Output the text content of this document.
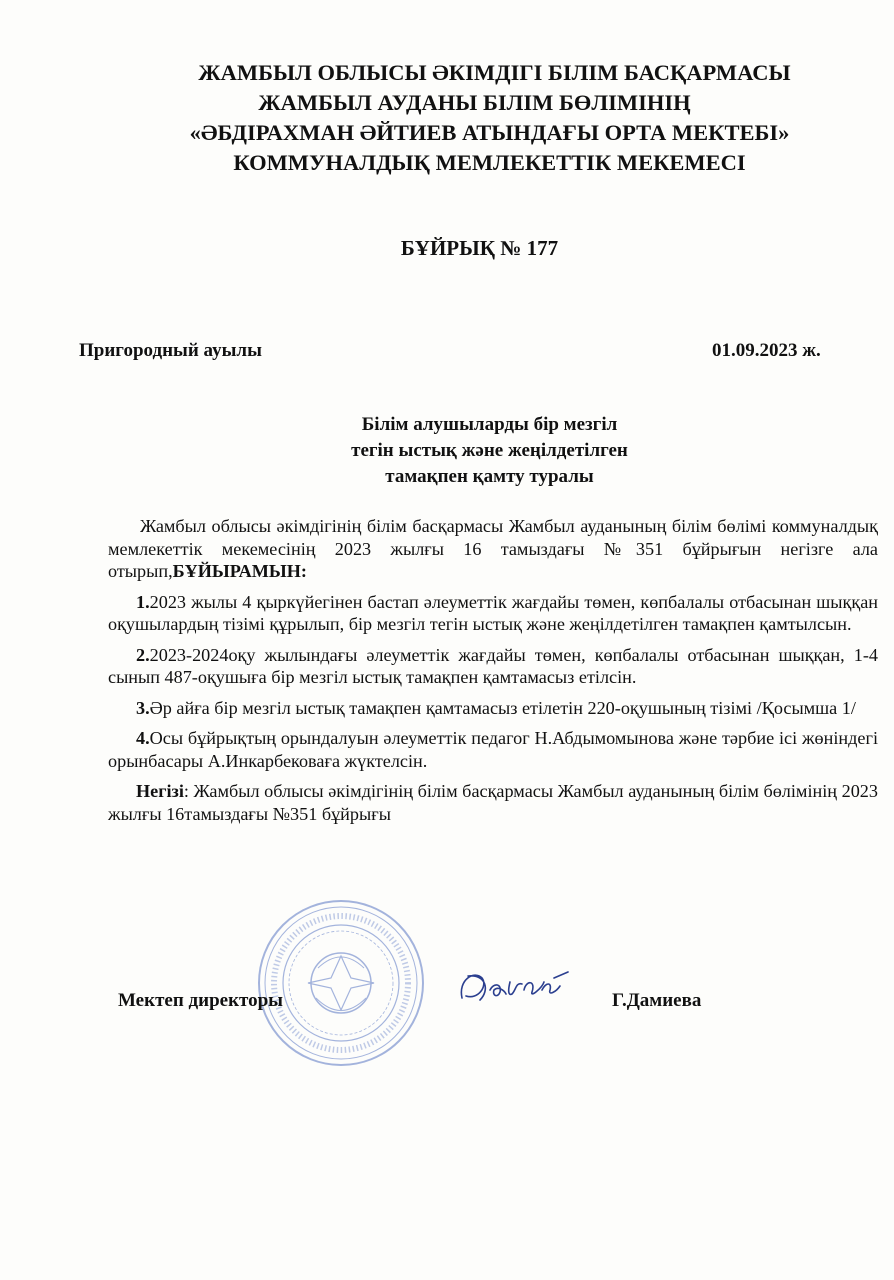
ЖАМБЫЛ ОБЛЫСЫ ӘКІМДІГІ БІЛІМ БАСҚАРМАСЫ
ЖАМБЫЛ АУДАНЫ БІЛІМ БӨЛІМІНІҢ
«ӘБДІРАХМАН ӘЙТИЕВ АТЫНДАҒЫ ОРТА МЕКТЕБІ»
КОММУНАЛДЫҚ МЕМЛЕКЕТТІК МЕКЕМЕСІ
БҰЙРЫҚ № 177
Пригородный ауылы	01.09.2023 ж.
Білім алушыларды бір мезгіл
тегін ыстық және жеңілдетілген
тамақпен қамту туралы

Жамбыл облысы әкімдігінің білім басқармасы Жамбыл ауданының білім бөлімі коммуналдық мемлекеттік мекемесінің 2023 жылғы 16 тамыздағы №351 бұйрығын негізге ала отырып,БҰЙЫРАМЫН:

1.2023 жылы 4 қыркүйегінен бастап әлеуметтік жағдайы төмен, көпбалалы отбасынан шыққан оқушылардың тізімі құрылып, бір мезгіл тегін ыстық және жеңілдетілген тамақпен қамтылсын.

2.2023-2024оқу жылындағы әлеуметтік жағдайы төмен, көпбалалы отбасынан шыққан, 1-4 сынып 487-оқушыға бір мезгіл ыстық тамақпен қамтамасыз етілсін.

3.Әр айға бір мезгіл ыстық тамақпен қамтамасыз етілетін 220-оқушының тізімі /Қосымша 1/

4.Осы бұйрықтың орындалуын әлеуметтік педагог Н.Абдымомынова және тәрбие ісі жөніндегі орынбасары А.Инкарбековаға жүктелсін.

Негізі: Жамбыл облысы әкімдігінің білім басқармасы Жамбыл ауданының білім бөлімінің 2023 жылғы 16тамыздағы №351 бұйрығы

Мектеп директоры	Г.Дамиева
